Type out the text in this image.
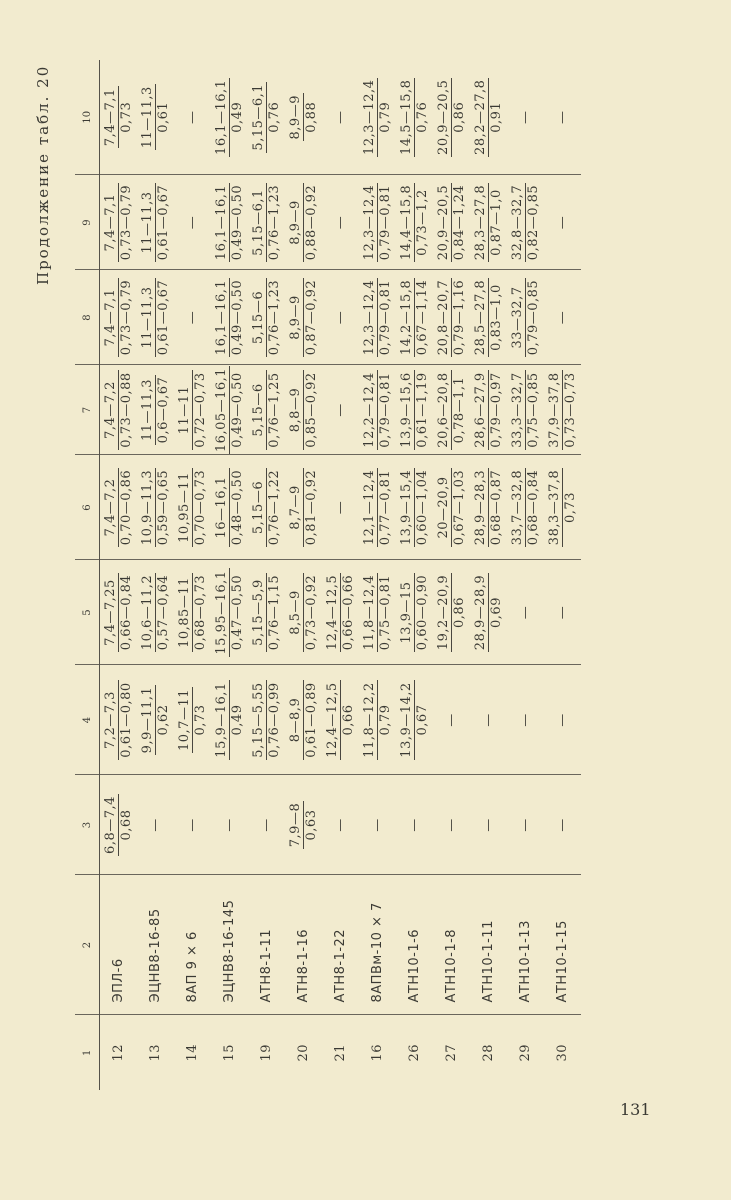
Продолжение табл. 20
1	2	3	4	5	6	7	8	9	10
12	ЭПЛ-6	6,8—7,4 0,68	7,2—7,3 0,61—0,80	7,4—7,25 0,66—0,84	7,4—7,2 0,70—0,86	7,4—7,2 0,73—0,88	7,4—7,1 0,73—0,79	7,4—7,1 0,73—0,79	7,4—7,1 0,73

13	ЭЦНВ8-16-85	—	9,9—11,1 0,62	10,6—11,2 0,57—0,64	10,9—11,3 0,59—0,65	11—11,3 0,6—0,67	11—11,3 0,61—0,67	11—11,3 0,61—0,67	11—11,3 0,61

14	8АП 9 × 6	—	10,7—11 0,73	10,85—11 0,68—0,73	10,95—11 0,70—0,73	11—11 0,72—0,73	—	—	—
15	ЭЦНВ8-16-145	—	15,9—16,1 0,49	15,95—16,1 0,47—0,50	16—16,1 0,48—0,50	16,05—16,1 0,49—0,50	16,1—16,1 0,49—0,50	16,1—16,1 0,49—0,50	16,1—16,1 0,49

19	АТН8-1-11	—	5,15—5,55 0,76—0,99	5,15—5,9 0,76—1,15	5,15—6 0,76—1,22	5,15—6 0,76—1,25	5,15—6 0,76—1,23	5,15—6,1 0,76—1,23	5,15—6,1 0,76

20	АТН8-1-16	7,9—8 0,63	8—8,9 0,61—0,89	8,5—9 0,73—0,92	8,7—9 0,81—0,92	8,8—9 0,85—0,92	8,9—9 0,87—0,92	8,9—9 0,88—0,92	8,9—9 0,88

21	АТН8-1-22	—	12,4—12,5 0,66	12,4—12,5 0,66—0,66	—	—	—	—	—
16	8АПВм-10 × 7	—	11,8—12,2 0,79	11,8—12,4 0,75—0,81	12,1—12,4 0,77—0,81	12,2—12,4 0,79—0,81	12,3—12,4 0,79—0,81	12,3—12,4 0,79—0,81	12,3—12,4 0,79

26	АТН10-1-6	—	13,9—14,2 0,67	13,9—15 0,60—0,90	13,9—15,4 0,60—1,04	13,9—15,6 0,61—1,19	14,2—15,8 0,67—1,14	14,4—15,8 0,73—1,2	14,5—15,8 0,76

27	АТН10-1-8	—	—	19,2—20,9 0,86	20—20,9 0,67—1,03	20,6—20,8 0,78—1,1	20,8—20,7 0,79—1,16	20,9—20,5 0,84—1,24	20,9—20,5 0,86

28	АТН10-1-11	—	—	28,9—28,9 0,69	28,9—28,3 0,68—0,87	28,6—27,9 0,79—0,97	28,5—27,8 0,83—1,0	28,3—27,8 0,87—1,0	28,2—27,8 0,91

29	АТН10-1-13	—	—	—	33,7—32,8 0,68—0,84	33,3—32,7 0,75—0,85	33—32,7 0,79—0,85	32,8—32,7 0,82—0,85	—
30	АТН10-1-15	—	—	—	38,3—37,8 0,73	37,9—37,8 0,73—0,73	—	—	—
131
